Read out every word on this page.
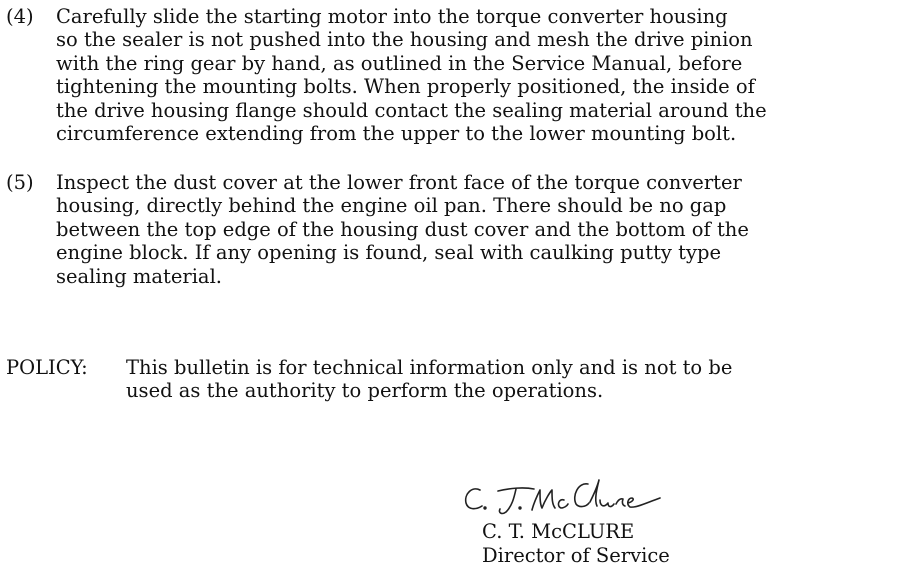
(4)	Carefully slide the starting motor into the torque converter housing
so the sealer is not pushed into the housing and mesh the drive pinion
with the ring gear by hand, as outlined in the Service Manual, before
tightening the mounting bolts. When properly positioned, the inside of
the drive housing flange should contact the sealing material around the
circumference extending from the upper to the lower mounting bolt.
(5)	Inspect the dust cover at the lower front face of the torque converter
housing, directly behind the engine oil pan. There should be no gap
between the top edge of the housing dust cover and the bottom of the
engine block. If any opening is found, seal with caulking putty type
sealing material.
POLICY:	This bulletin is for technical information only and is not to be
used as the authority to perform the operations.
C. T. McCLURE
Director of Service
